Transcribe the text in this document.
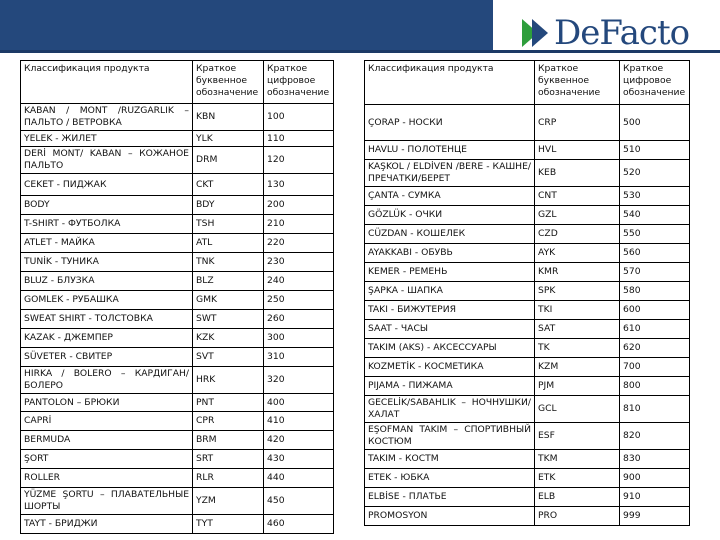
DeFacto
Классификация продукта	Краткое буквенное обозначение	Краткое цифровое обозначение
KABAN / MONT /RUZGARLIK – ПАЛЬТО / ВЕТРОВКА	KBN	100
YELEK - ЖИЛЕТ	YLK	110
DERİ MONT/ KABAN – КОЖАНОЕ ПАЛЬТО	DRM	120
CEKET - ПИДЖАК	CKT	130
BODY	BDY	200
T-SHIRT - ФУТБОЛКА	TSH	210
ATLET - МАЙКА	ATL	220
TUNİK - ТУНИКА	TNK	230
BLUZ - БЛУЗКА	BLZ	240
GOMLEK - РУБАШКА	GMK	250
SWEAT SHIRT - ТОЛСТОВКА	SWT	260
KAZAK - ДЖЕМПЕР	KZK	300
SÜVETER - СВИТЕР	SVT	310
HIRKA / BOLERO – КАРДИГАН/БОЛЕРО	HRK	320
PANTOLON – БРЮКИ	PNT	400
CAPRİ	CPR	410
BERMUDA	BRM	420
ŞORT	SRT	430
ROLLER	RLR	440
YÜZME ŞORTU – ПЛАВАТЕЛЬНЫЕ ШОРТЫ	YZM	450
TAYT - БРИДЖИ	TYT	460
Классификация продукта	Краткое буквенное обозначение	Краткое цифровое обозначение
ÇORAP - НОСКИ	CRP	500
HAVLU - ПОЛОТЕНЦЕ	HVL	510
KAŞKOL / ELDİVEN /BERE - КАШНЕ/ПРЕЧАТКИ/БЕРЕТ	KEB	520
ÇANTA - СУМКА	CNT	530
GÖZLÜK - ОЧКИ	GZL	540
CÜZDAN - КОШЕЛЕК	CZD	550
AYAKKABI - ОБУВЬ	AYK	560
KEMER - РЕМЕНЬ	KMR	570
ŞAPKA - ШАПКА	SPK	580
TAKI - БИЖУТЕРИЯ	TKI	600
SAAT - ЧАСЫ	SAT	610
TAKIM (AKS) - АКСЕССУАРЫ	TK	620
KOZMETİK - КОСМЕТИКА	KZM	700
PIJAMA - ПИЖАМА	PJM	800
GECELİK/SABAHLIK – НОЧНУШКИ/ХАЛАТ	GCL	810
EŞOFMAN TAKIM – СПОРТИВНЫЙ КОСТЮМ	ESF	820
TAKIM - КОСТМ	TKM	830
ETEK - ЮБКА	ETK	900
ELBİSE - ПЛАТЬЕ	ELB	910
PROMOSYON	PRO	999
